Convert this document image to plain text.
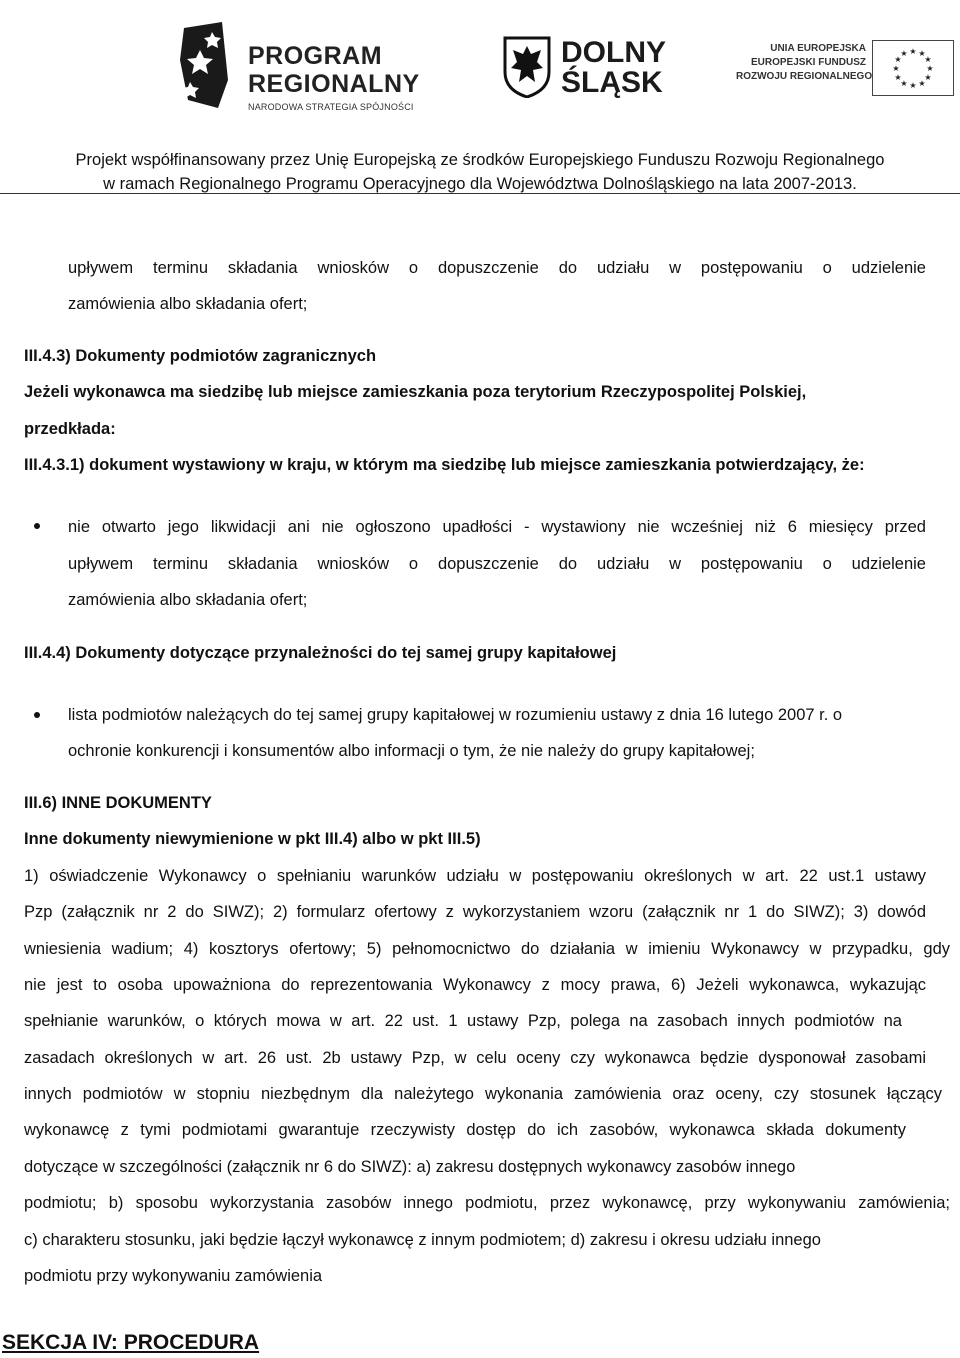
PROGRAM
REGIONALNY
NARODOWA STRATEGIA SPÓJNOŚCI
DOLNY
ŚLĄSK
UNIA EUROPEJSKA
EUROPEJSKI FUNDUSZ
ROZWOJU REGIONALNEGO
★ ★
★
★
★
★
★
★
★
★
★
★
Projekt współfinansowany przez Unię Europejską ze środków Europejskiego Funduszu Rozwoju Regionalnego
w ramach Regionalnego Programu Operacyjnego dla Województwa Dolnośląskiego na lata 2007-2013.
upływem terminu składania wniosków o dopuszczenie do udziału w postępowaniu o udzielenie
zamówienia albo składania ofert;
III.4.3) Dokumenty podmiotów zagranicznych
Jeżeli wykonawca ma siedzibę lub miejsce zamieszkania poza terytorium Rzeczypospolitej Polskiej,
przedkłada:
III.4.3.1) dokument wystawiony w kraju, w którym ma siedzibę lub miejsce zamieszkania potwierdzający, że:
nie otwarto jego likwidacji ani nie ogłoszono upadłości - wystawiony nie wcześniej niż 6 miesięcy przed
upływem terminu składania wniosków o dopuszczenie do udziału w postępowaniu o udzielenie
zamówienia albo składania ofert;
III.4.4) Dokumenty dotyczące przynależności do tej samej grupy kapitałowej
lista podmiotów należących do tej samej grupy kapitałowej w rozumieniu ustawy z dnia 16 lutego 2007 r. o
ochronie konkurencji i konsumentów albo informacji o tym, że nie należy do grupy kapitałowej;
III.6) INNE DOKUMENTY
Inne dokumenty niewymienione w pkt III.4) albo w pkt III.5)
1) oświadczenie Wykonawcy o spełnianiu warunków udziału w postępowaniu określonych w art. 22 ust.1 ustawy
Pzp (załącznik nr 2 do SIWZ); 2) formularz ofertowy z wykorzystaniem wzoru (załącznik nr 1 do SIWZ); 3) dowód
wniesienia wadium; 4) kosztorys ofertowy; 5) pełnomocnictwo do działania w imieniu Wykonawcy w przypadku, gdy
nie jest to osoba upoważniona do reprezentowania Wykonawcy z mocy prawa, 6) Jeżeli wykonawca, wykazując
spełnianie warunków, o których mowa w art. 22 ust. 1 ustawy Pzp, polega na zasobach innych podmiotów na
zasadach określonych w art. 26 ust. 2b ustawy Pzp, w celu oceny czy wykonawca będzie dysponował zasobami
innych podmiotów w stopniu niezbędnym dla należytego wykonania zamówienia oraz oceny, czy stosunek łączący
wykonawcę z tymi podmiotami gwarantuje rzeczywisty dostęp do ich zasobów, wykonawca składa dokumenty
dotyczące w szczególności (załącznik nr 6 do SIWZ): a) zakresu dostępnych wykonawcy zasobów innego
podmiotu; b) sposobu wykorzystania zasobów innego podmiotu, przez wykonawcę, przy wykonywaniu zamówienia;
c) charakteru stosunku, jaki będzie łączył wykonawcę z innym podmiotem; d) zakresu i okresu udziału innego
podmiotu przy wykonywaniu zamówienia
SEKCJA IV: PROCEDURA
